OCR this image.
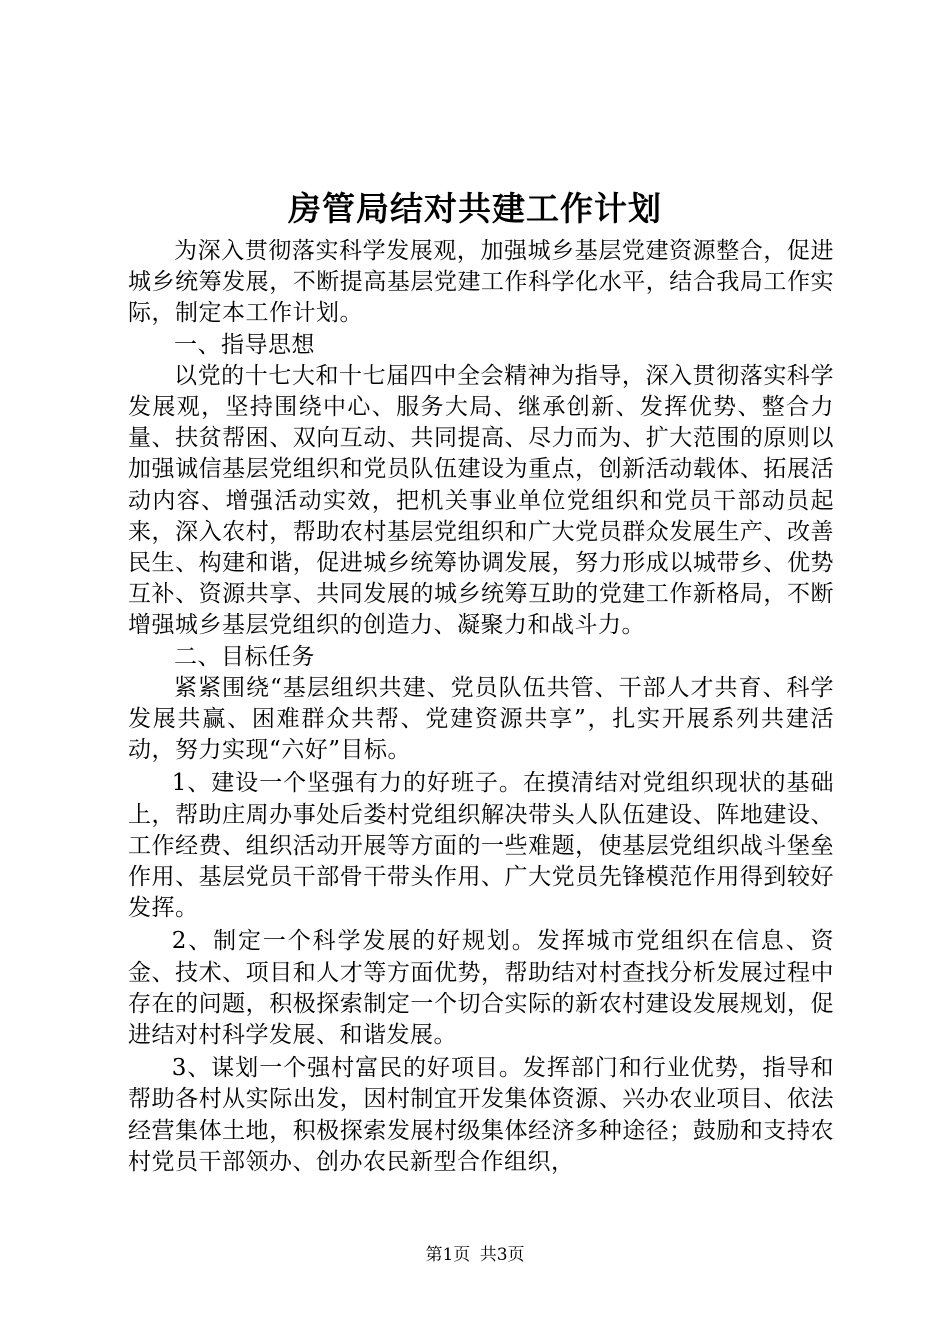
房管局结对共建工作计划

为深入贯彻落实科学发展观，加强城乡基层党建资源整合，促进城乡统筹发展，不断提高基层党建工作科学化水平，结合我局工作实际，制定本工作计划。

一、指导思想

以党的十七大和十七届四中全会精神为指导，深入贯彻落实科学发展观，坚持围绕中心、服务大局、继承创新、发挥优势、整合力量、扶贫帮困、双向互动、共同提高、尽力而为、扩大范围的原则以加强诚信基层党组织和党员队伍建设为重点，创新活动载体、拓展活动内容、增强活动实效，把机关事业单位党组织和党员干部动员起来，深入农村，帮助农村基层党组织和广大党员群众发展生产、改善民生、构建和谐，促进城乡统筹协调发展，努力形成以城带乡、优势互补、资源共享、共同发展的城乡统筹互助的党建工作新格局，不断增强城乡基层党组织的创造力、凝聚力和战斗力。

二、目标任务

紧紧围绕“基层组织共建、党员队伍共管、干部人才共育、科学发展共赢、困难群众共帮、党建资源共享”，扎实开展系列共建活动，努力实现“六好”目标。

1、建设一个坚强有力的好班子。在摸清结对党组织现状的基础上，帮助庄周办事处后娄村党组织解决带头人队伍建设、阵地建设、工作经费、组织活动开展等方面的一些难题，使基层党组织战斗堡垒作用、基层党员干部骨干带头作用、广大党员先锋模范作用得到较好发挥。

2、制定一个科学发展的好规划。发挥城市党组织在信息、资金、技术、项目和人才等方面优势，帮助结对村查找分析发展过程中存在的问题，积极探索制定一个切合实际的新农村建设发展规划，促进结对村科学发展、和谐发展。

3、谋划一个强村富民的好项目。发挥部门和行业优势，指导和帮助各村从实际出发，因村制宜开发集体资源、兴办农业项目、依法经营集体土地，积极探索发展村级集体经济多种途径；鼓励和支持农村党员干部领办、创办农民新型合作组织，

第1页 共3页
